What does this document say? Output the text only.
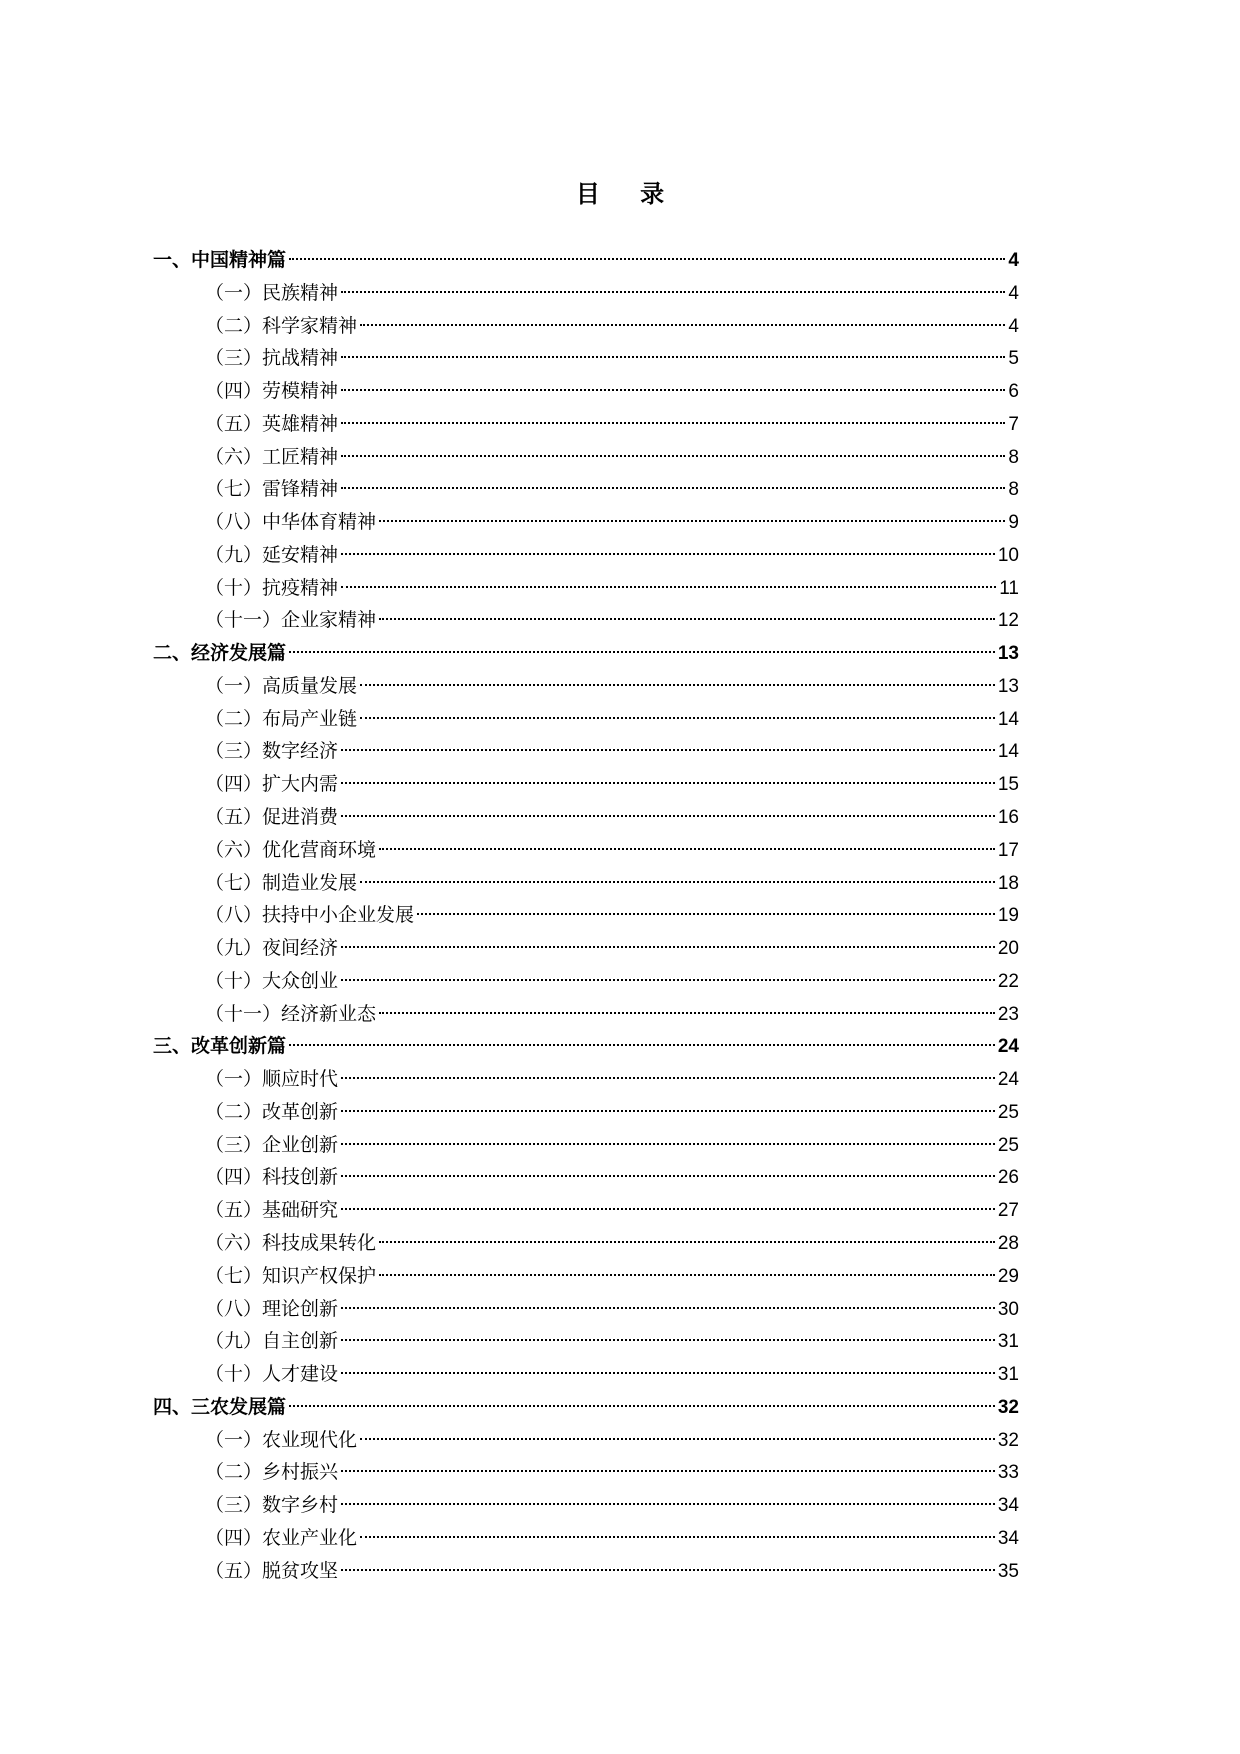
目 录
一、中国精神篇	4
（一）民族精神	4
（二）科学家精神	4
（三）抗战精神	5
（四）劳模精神	6
（五）英雄精神	7
（六）工匠精神	8
（七）雷锋精神	8
（八）中华体育精神	9
（九）延安精神	10
（十）抗疫精神	11
（十一）企业家精神	12
二、经济发展篇	13
（一）高质量发展	13
（二）布局产业链	14
（三）数字经济	14
（四）扩大内需	15
（五）促进消费	16
（六）优化营商环境	17
（七）制造业发展	18
（八）扶持中小企业发展	19
（九）夜间经济	20
（十）大众创业	22
（十一）经济新业态	23
三、改革创新篇	24
（一）顺应时代	24
（二）改革创新	25
（三）企业创新	25
（四）科技创新	26
（五）基础研究	27
（六）科技成果转化	28
（七）知识产权保护	29
（八）理论创新	30
（九）自主创新	31
（十）人才建设	31
四、三农发展篇	32
（一）农业现代化	32
（二）乡村振兴	33
（三）数字乡村	34
（四）农业产业化	34
（五）脱贫攻坚	35
